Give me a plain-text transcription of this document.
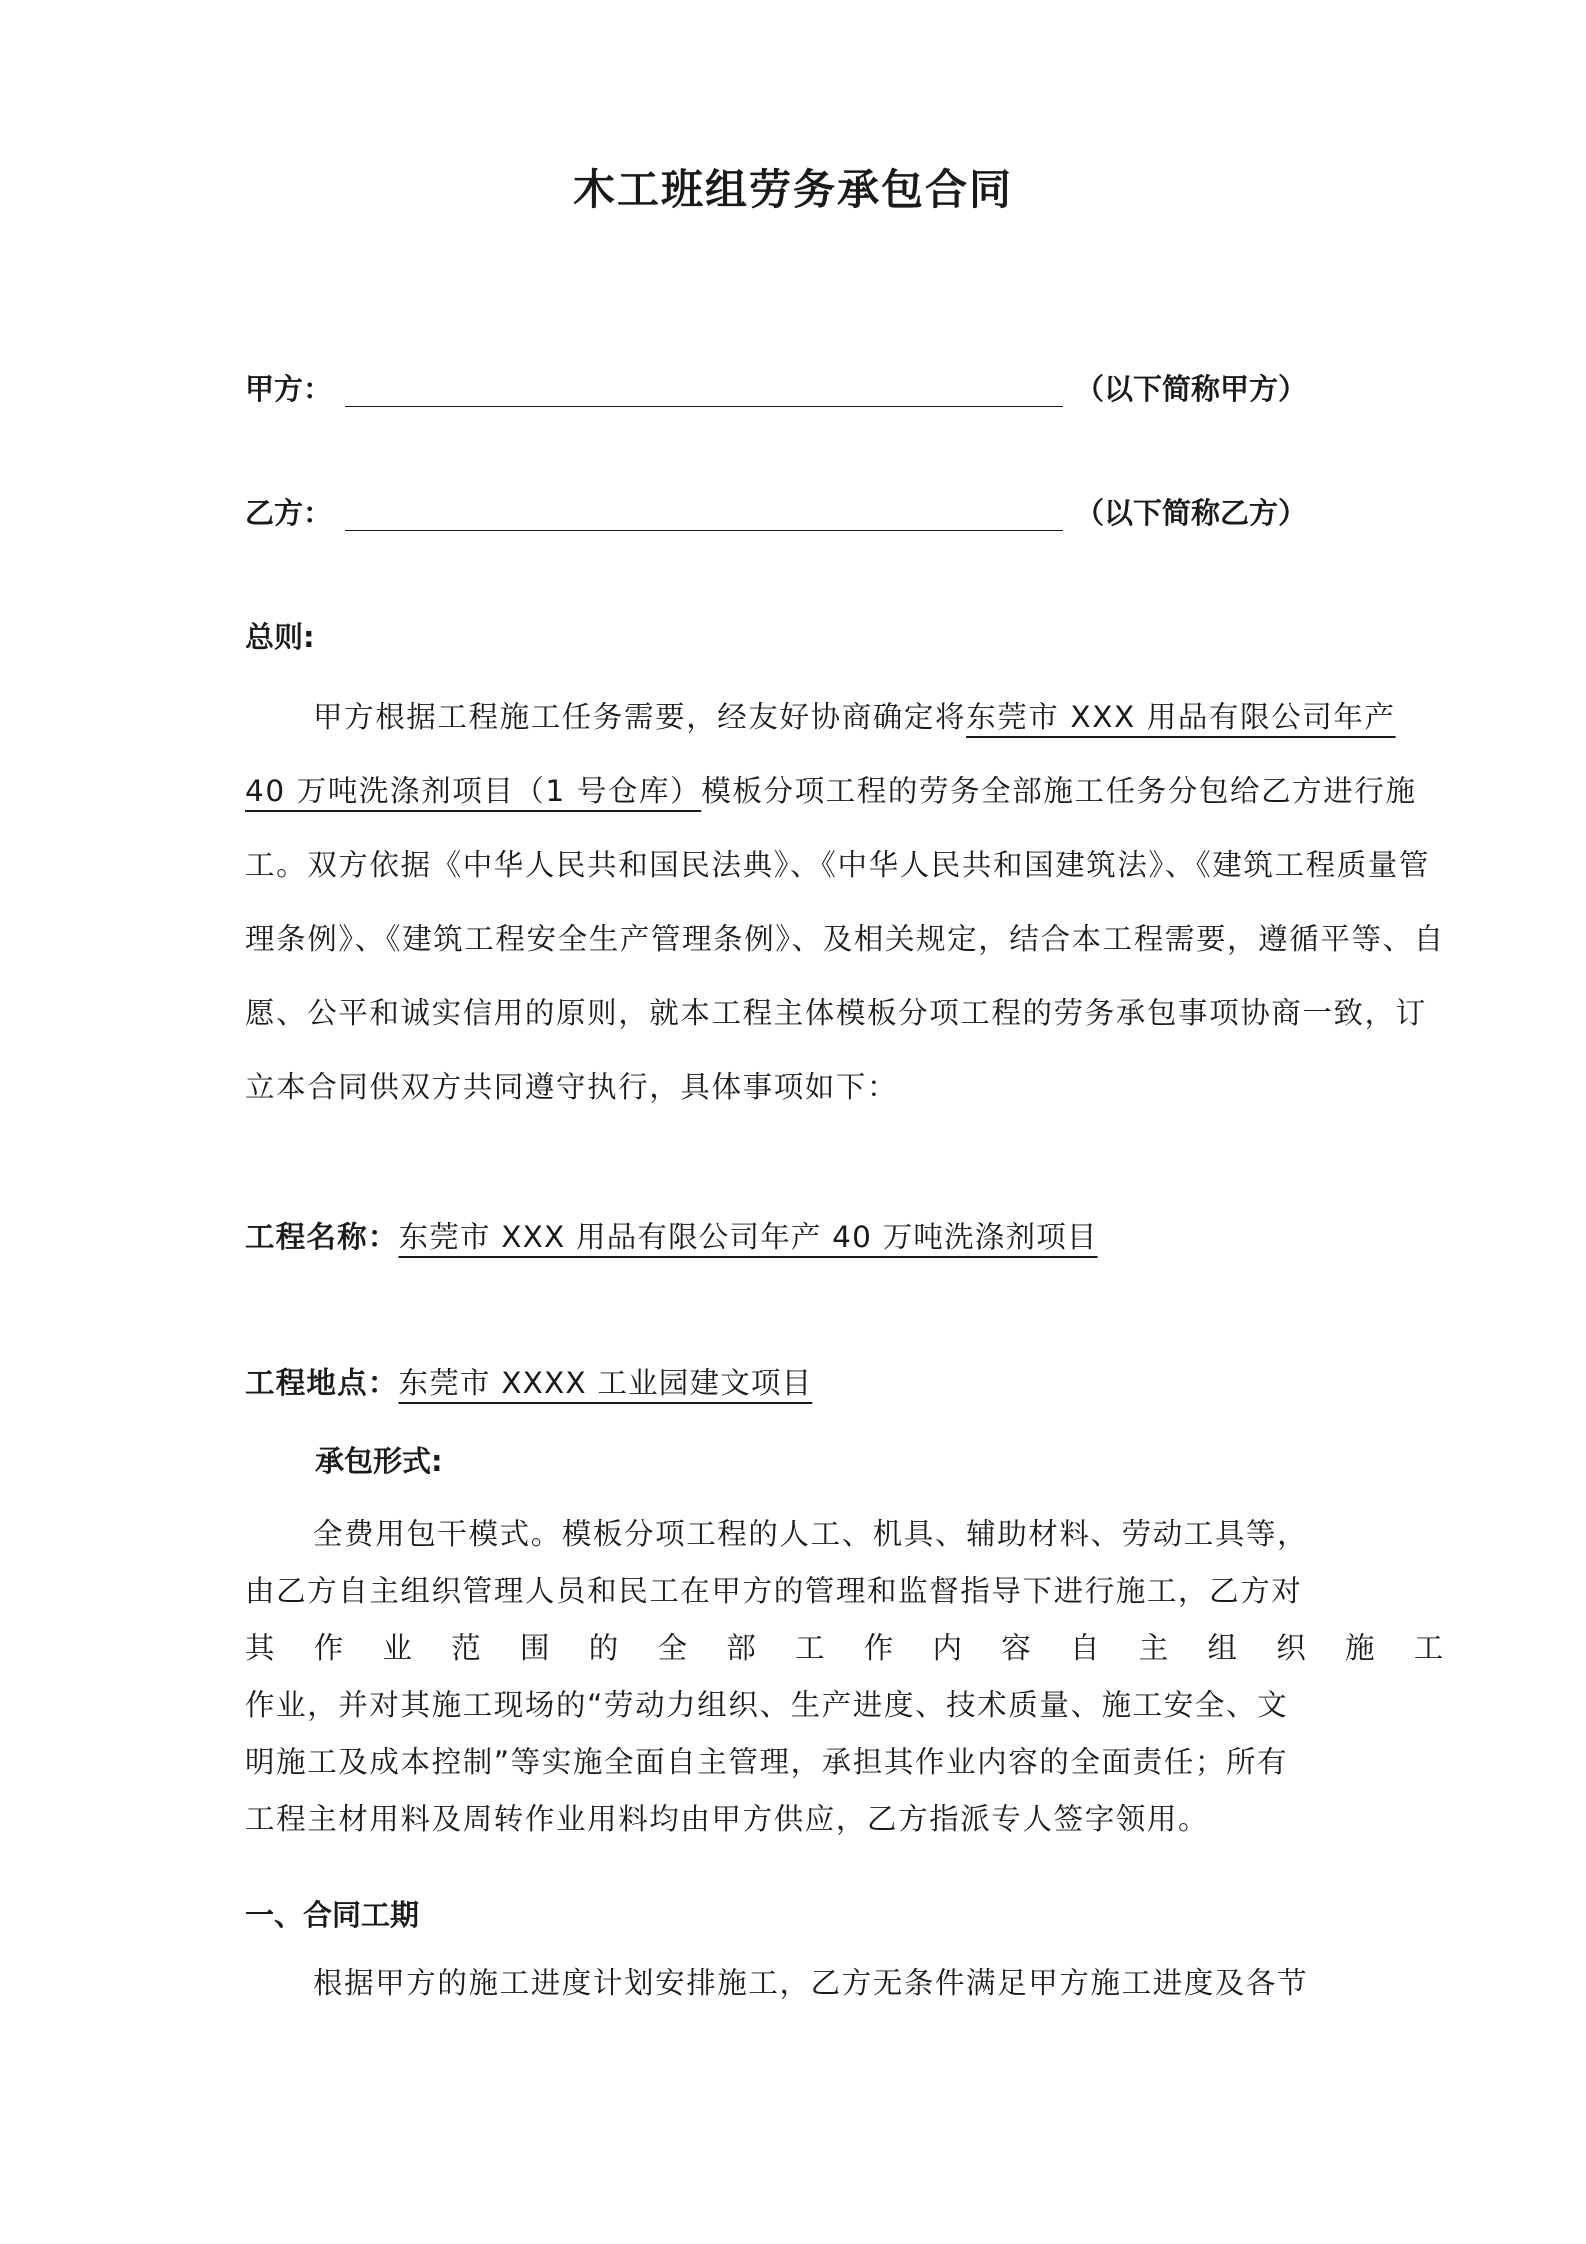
木工班组劳务承包合同
甲方：	（以下简称甲方）
乙方：	（以下简称乙方）
总则:
甲方根据工程施工任务需要，经友好协商确定将东莞市 XXX 用品有限公司年产 40 万吨洗涤剂项目（1 号仓库）模板分项工程的劳务全部施工任务分包给乙方进行施工。双方依据《中华人民共和国民法典》、《中华人民共和国建筑法》、《建筑工程质量管理条例》、《建筑工程安全生产管理条例》、及相关规定，结合本工程需要，遵循平等、自愿、公平和诚实信用的原则，就本工程主体模板分项工程的劳务承包事项协商一致，订立本合同供双方共同遵守执行，具体事项如下：
工程名称：东莞市 XXX 用品有限公司年产 40 万吨洗涤剂项目
工程地点：东莞市 XXXX 工业园建文项目
承包形式:
全费用包干模式。模板分项工程的人工、机具、辅助材料、劳动工具等，
由乙方自主组织管理人员和民工在甲方的管理和监督指导下进行施工，乙方对
其 作 业 范 围 的 全 部 工 作 内 容 自 主 组 织 施 工
作业，并对其施工现场的“劳动力组织、生产进度、技术质量、施工安全、文
明施工及成本控制”等实施全面自主管理，承担其作业内容的全面责任；所有
工程主材用料及周转作业用料均由甲方供应，乙方指派专人签字领用。
一、合同工期
根据甲方的施工进度计划安排施工，乙方无条件满足甲方施工进度及各节
